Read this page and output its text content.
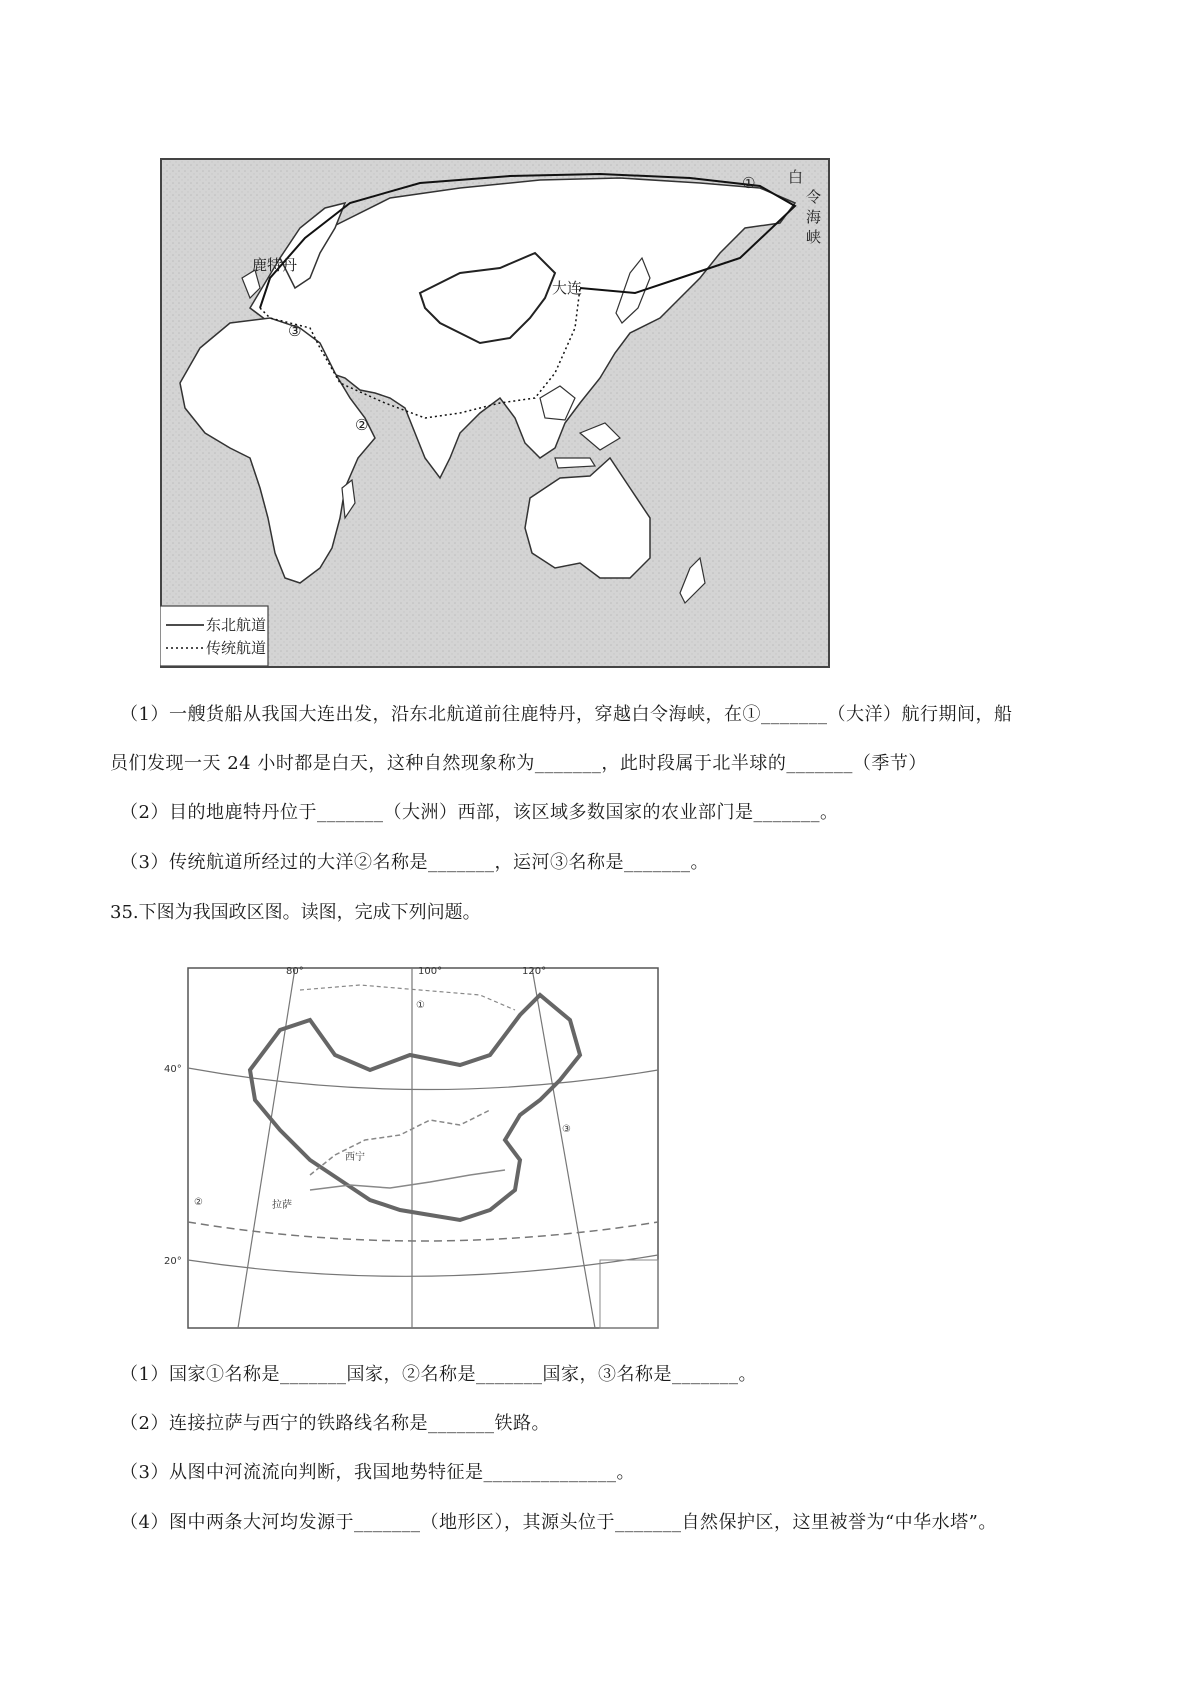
白
令
海
峡
鹿特丹
大连
①
②
③
东北航道
传统航道
（1）一艘货船从我国大连出发，沿东北航道前往鹿特丹，穿越白令海峡，在①_______（大洋）航行期间，船
员们发现一天 24 小时都是白天，这种自然现象称为_______，此时段属于北半球的_______（季节）
（2）目的地鹿特丹位于_______（大洲）西部，该区域多数国家的农业部门是_______。
（3）传统航道所经过的大洋②名称是_______，运河③名称是_______。
35.下图为我国政区图。读图，完成下列问题。
80°	100°	120°
40°
20°
①
②
③
西宁
拉萨
（1）国家①名称是_______国家，②名称是_______国家，③名称是_______。
（2）连接拉萨与西宁的铁路线名称是_______铁路。
（3）从图中河流流向判断，我国地势特征是______________。
（4）图中两条大河均发源于_______（地形区），其源头位于_______自然保护区，这里被誉为“中华水塔”。
